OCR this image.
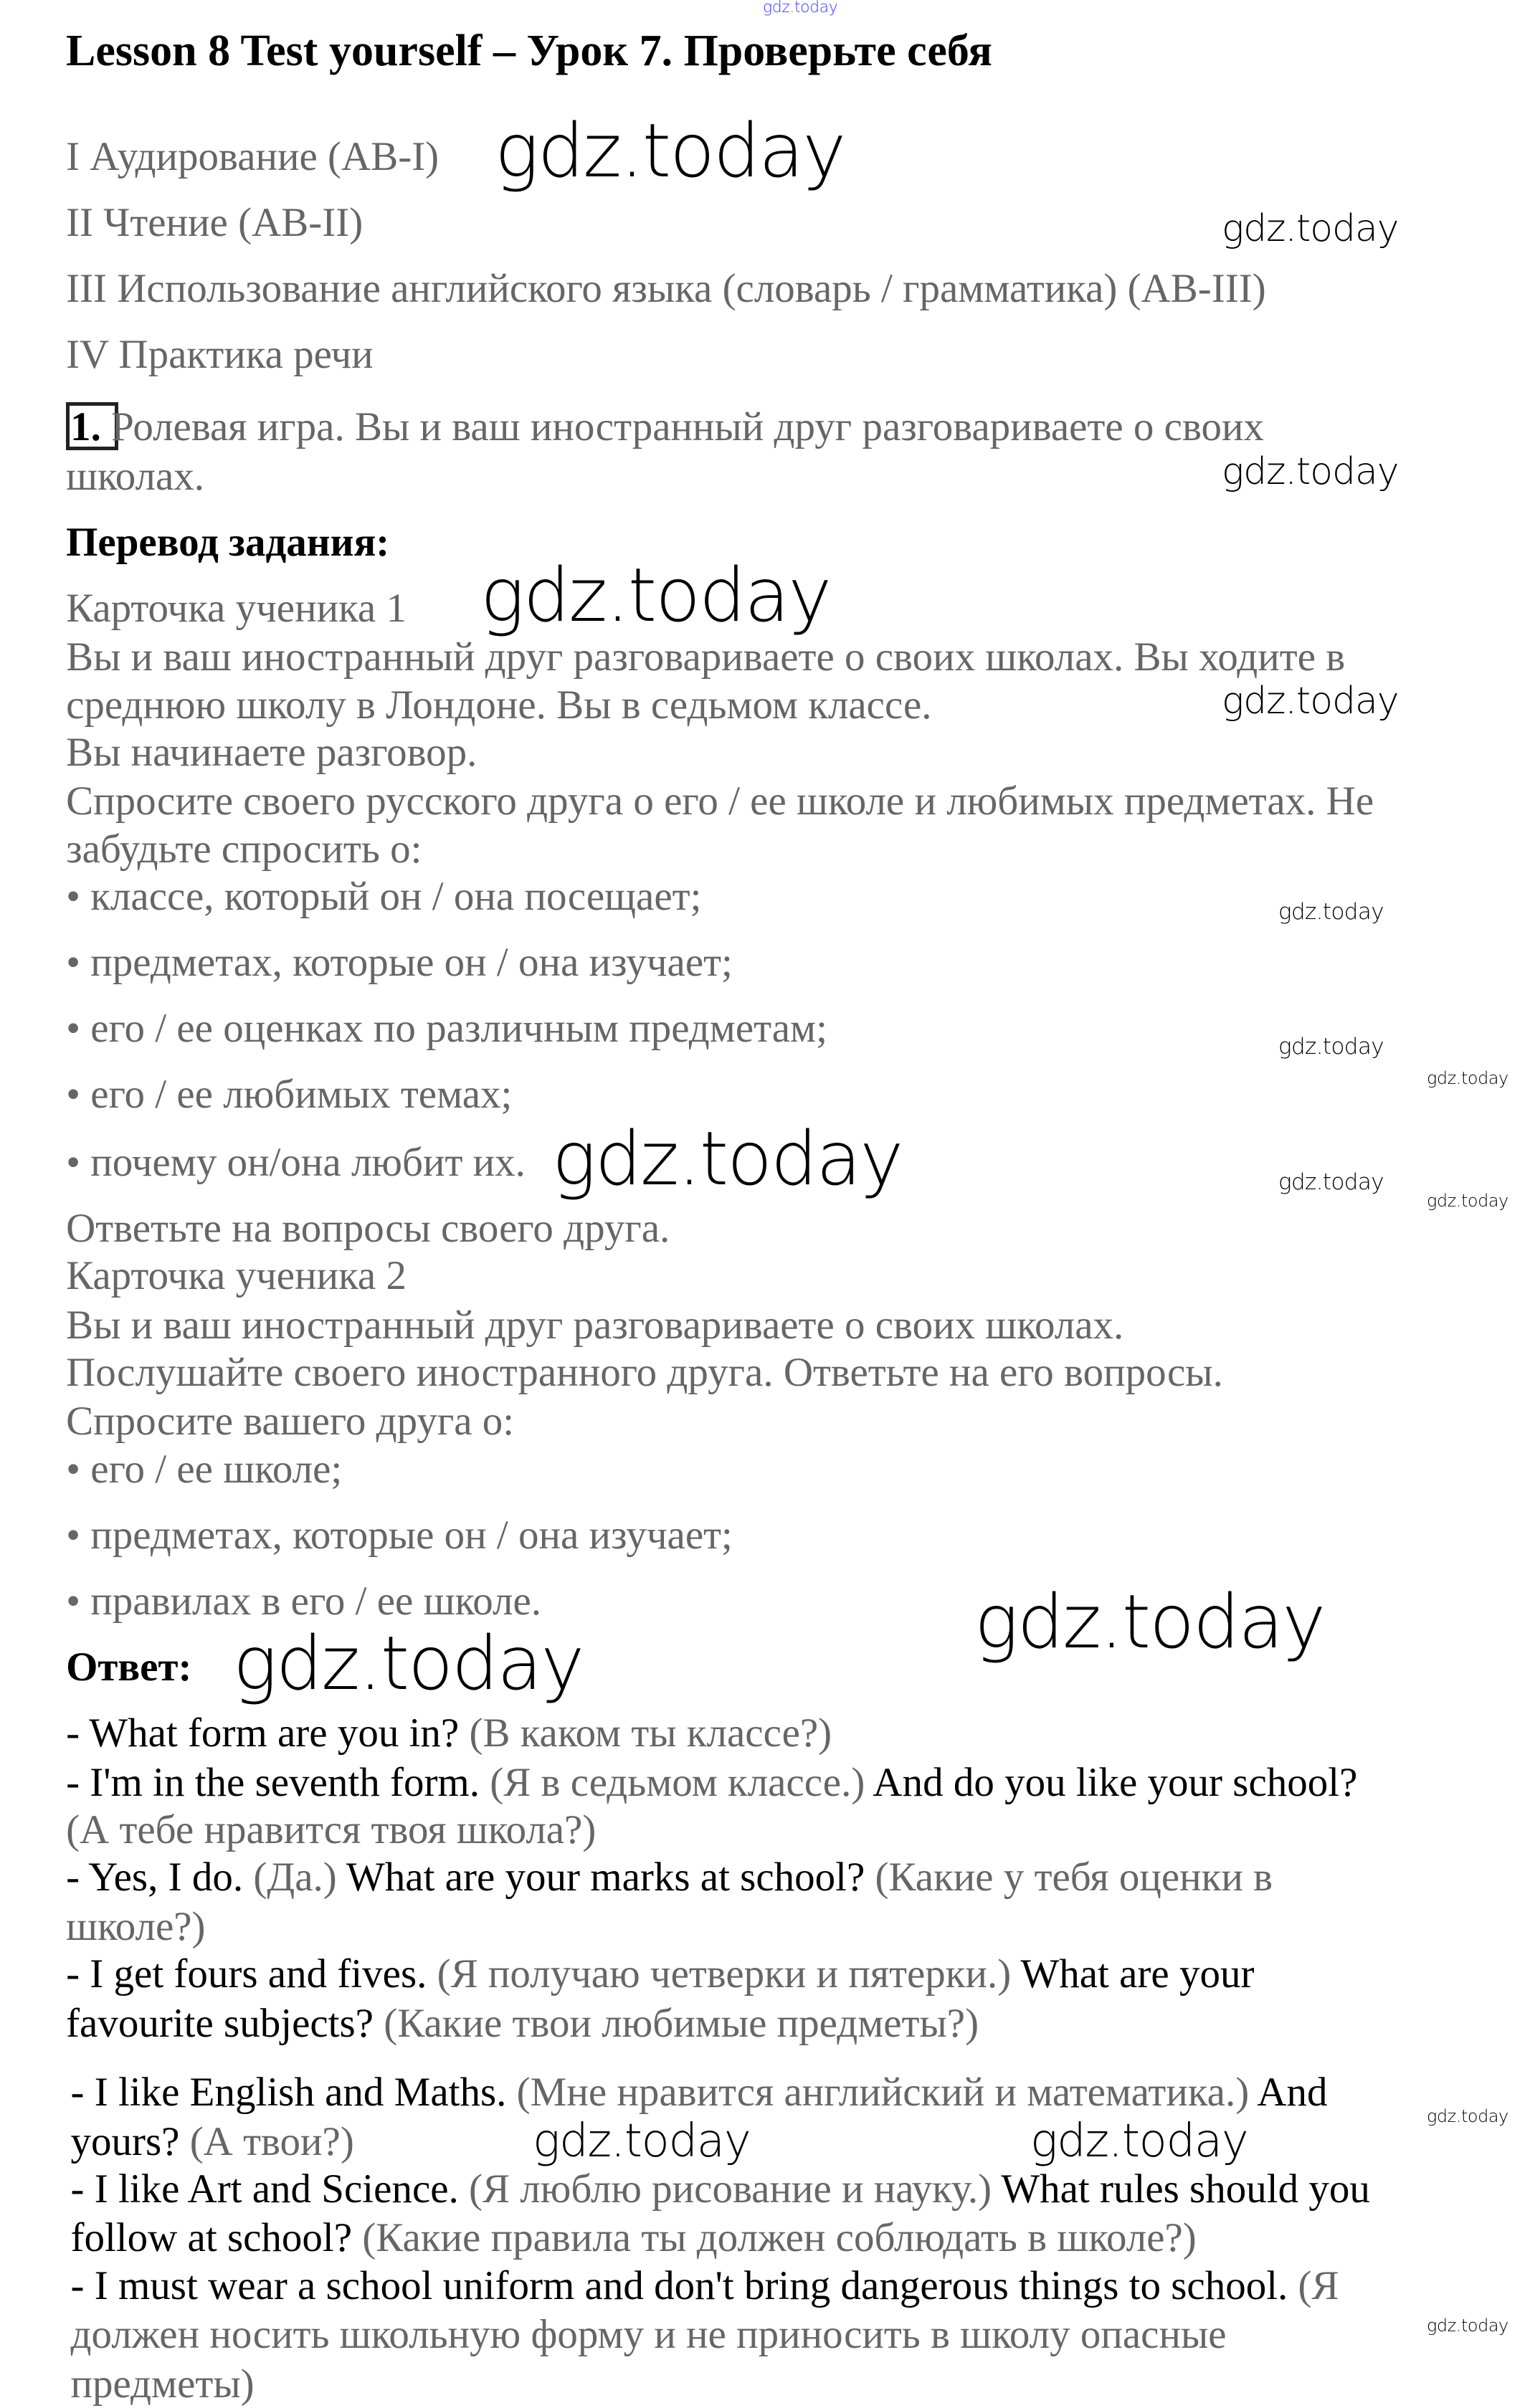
Lesson 8 Test yourself – Урок 7. Проверьте себя
I Аудирование (АВ-I)
II Чтение (АВ-II)
III Использование английского языка (словарь / грамматика) (АВ-III)
IV Практика речи
1. Ролевая игра. Вы и ваш иностранный друг разговариваете о своих
школах.
Перевод задания:
Карточка ученика 1
Вы и ваш иностранный друг разговариваете о своих школах. Вы ходите в
среднюю школу в Лондоне. Вы в седьмом классе.
Вы начинаете разговор.
Спросите своего русского друга о его / ее школе и любимых предметах. Не
забудьте спросить о:
• классе, который он / она посещает;
• предметах, которые он / она изучает;
• его / ее оценках по различным предметам;
• его / ее любимых темах;
• почему он/она любит их.
Ответьте на вопросы своего друга.
Карточка ученика 2
Вы и ваш иностранный друг разговариваете о своих школах.
Послушайте своего иностранного друга. Ответьте на его вопросы.
Спросите вашего друга о:
• его / ее школе;
• предметах, которые он / она изучает;
• правилах в его / ее школе.
Ответ:
- What form are you in? (В каком ты классе?)
- I'm in the seventh form. (Я в седьмом классе.) And do you like your school?
(А тебе нравится твоя школа?)
- Yes, I do. (Да.) What are your marks at school? (Какие у тебя оценки в
школе?)
- I get fours and fives. (Я получаю четверки и пятерки.) What are your
favourite subjects? (Какие твои любимые предметы?)
- I like English and Maths. (Мне нравится английский и математика.) And
yours? (А твои?)
- I like Art and Science. (Я люблю рисование и науку.) What rules should you
follow at school? (Какие правила ты должен соблюдать в школе?)
- I must wear a school uniform and don't bring dangerous things to school. (Я
должен носить школьную форму и не приносить в школу опасные
предметы)
gdz.today
gdz.today
gdz.today
gdz.today
gdz.today
gdz.today
gdz.today	gdz.today
gdz.today
gdz.today
gdz.today
gdz.today
gdz.today
gdz.today
gdz.today
gdz.today
gdz.today
gdz.today
